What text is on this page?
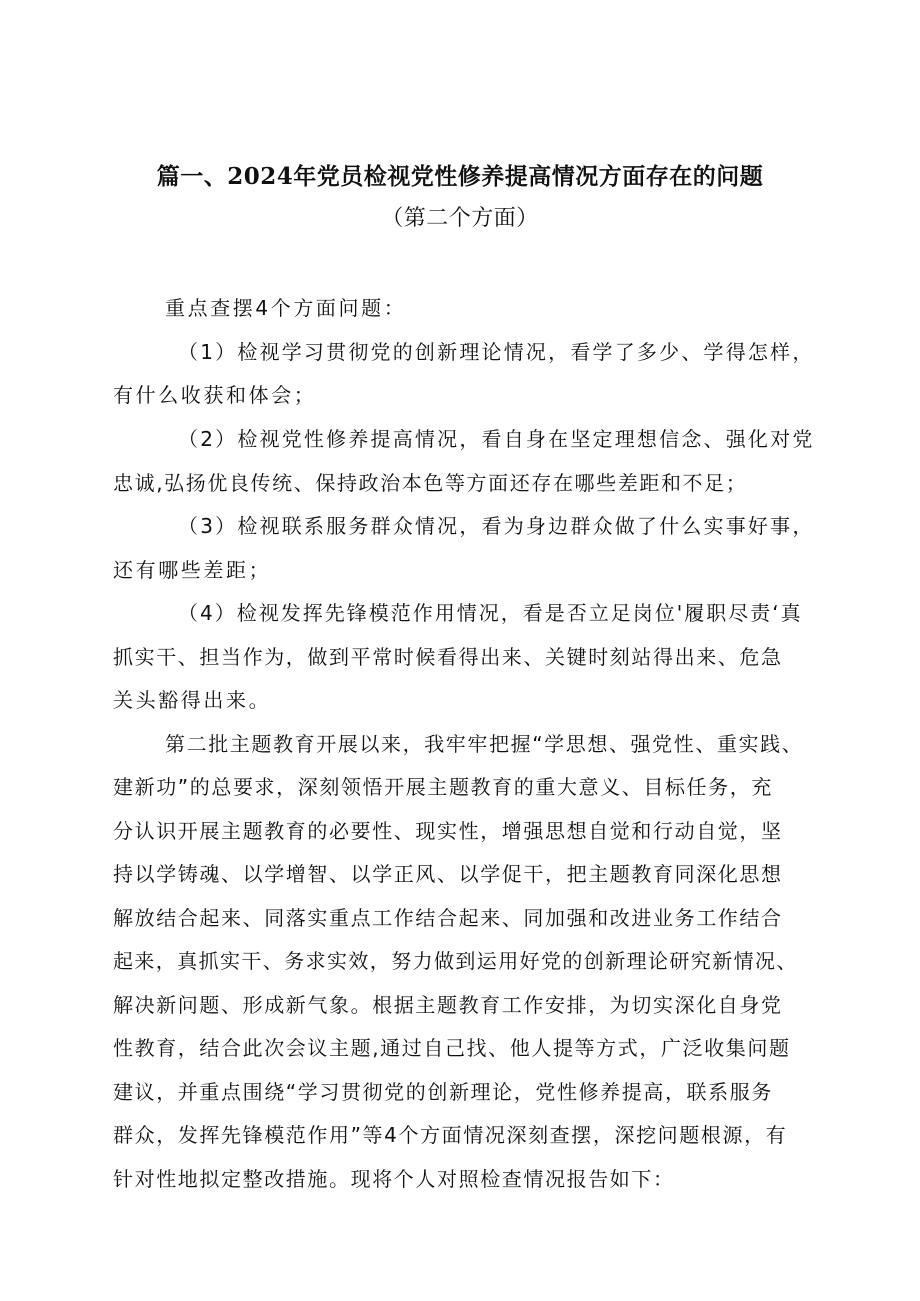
篇一、2024年党员检视党性修养提高情况方面存在的问题
（第二个方面）
重点查摆4个方面问题：
（1）检视学习贯彻党的创新理论情况，看学了多少、学得怎样，
有什么收获和体会；
（2）检视党性修养提高情况，看自身在坚定理想信念、强化对党
忠诚,弘扬优良传统、保持政治本色等方面还存在哪些差距和不足；
（3）检视联系服务群众情况，看为身边群众做了什么实事好事，
还有哪些差距；
（4）检视发挥先锋模范作用情况，看是否立足岗位'履职尽责‘真
抓实干、担当作为，做到平常时候看得出来、关键时刻站得出来、危急
关头豁得出来。
第二批主题教育开展以来，我牢牢把握“学思想、强党性、重实践、
建新功”的总要求，深刻领悟开展主题教育的重大意义、目标任务，充
分认识开展主题教育的必要性、现实性，增强思想自觉和行动自觉，坚
持以学铸魂、以学增智、以学正风、以学促干，把主题教育同深化思想
解放结合起来、同落实重点工作结合起来、同加强和改进业务工作结合
起来，真抓实干、务求实效，努力做到运用好党的创新理论研究新情况、
解决新问题、形成新气象。根据主题教育工作安排，为切实深化自身党
性教育，结合此次会议主题,通过自己找、他人提等方式，广泛收集问题
建议，并重点围绕“学习贯彻党的创新理论，党性修养提高，联系服务
群众，发挥先锋模范作用”等4个方面情况深刻查摆，深挖问题根源，有
针对性地拟定整改措施。现将个人对照检查情况报告如下：
